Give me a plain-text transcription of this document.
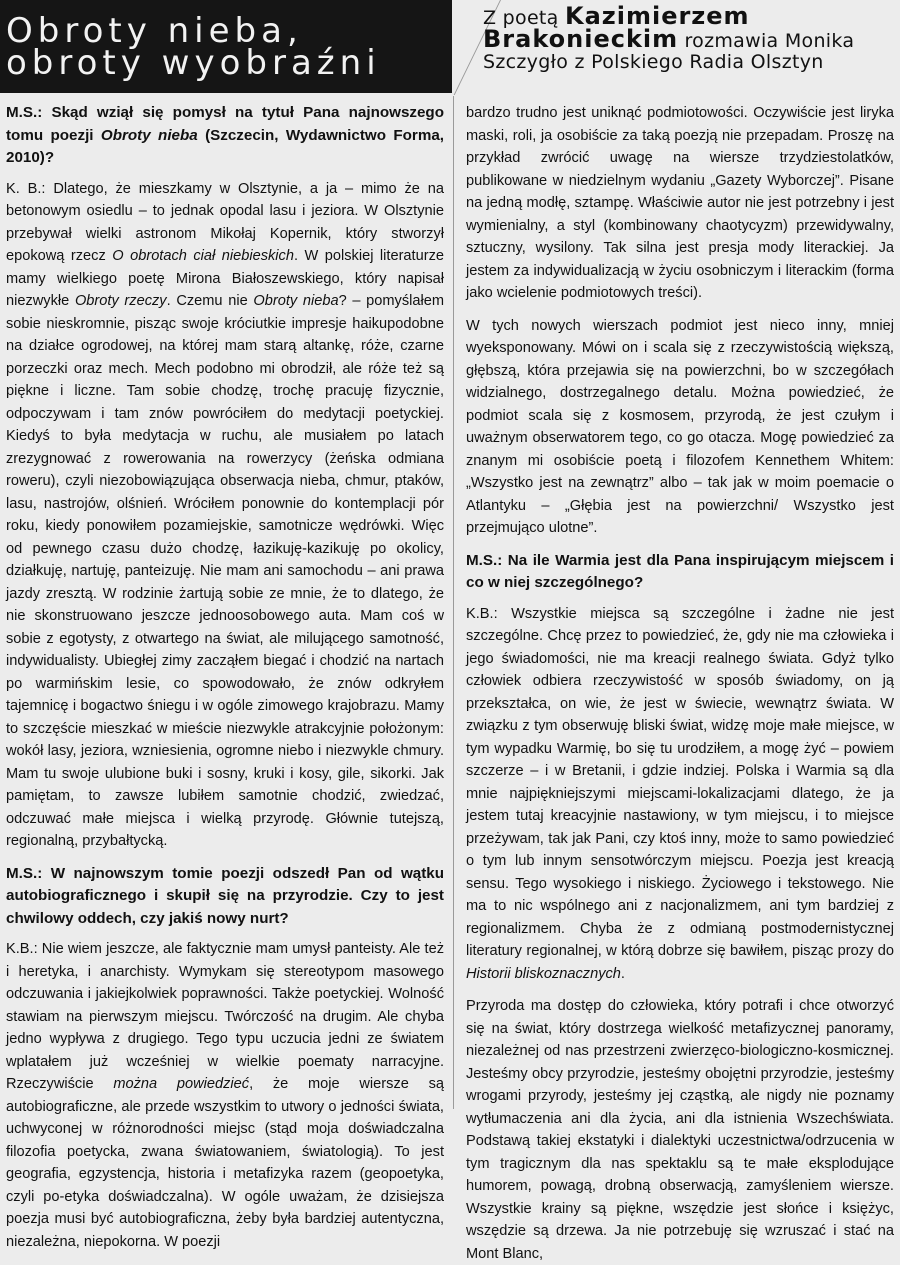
Obroty nieba,
obroty wyobraźni
Z poetą Kazimierzem
Brakonieckim rozmawia Monika
Szczygło z Polskiego Radia Olsztyn
M.S.: Skąd wziął się pomysł na tytuł Pana najnowszego tomu poezji Obroty nieba (Szczecin, Wydawnictwo Forma, 2010)?
K. B.: Dlatego, że mieszkamy w Olsztynie, a ja – mimo że na betonowym osiedlu – to jednak opodal lasu i jeziora. W Olsztynie przebywał wielki astronom Mikołaj Kopernik, który stworzył epokową rzecz O obrotach ciał niebieskich. W polskiej literaturze mamy wielkiego poetę Mirona Białoszewskiego, który napisał niezwykłe Obroty rzeczy. Czemu nie Obroty nieba? – pomyślałem sobie nieskromnie, pisząc swoje króciutkie impresje haikupodobne na działce ogrodowej, na której mam starą altankę, róże, czarne porzeczki oraz mech. Mech podobno mi obrodził, ale róże też są piękne i liczne. Tam sobie chodzę, trochę pracuję fizycznie, odpoczywam i tam znów powróciłem do medytacji poetyckiej. Kiedyś to była medytacja w ruchu, ale musiałem po latach zrezygnować z rowerowania na rowerzycy (żeńska odmiana roweru), czyli niezobowiązująca obserwacja nieba, chmur, ptaków, lasu, nastrojów, olśnień. Wróciłem ponownie do kontemplacji pór roku, kiedy ponowiłem pozamiejskie, samotnicze wędrówki. Więc od pewnego czasu dużo chodzę, łazikuję-kazikuję po okolicy, działkuję, nartuję, panteizuję. Nie mam ani samochodu – ani prawa jazdy zresztą. W rodzinie żartują sobie ze mnie, że to dlatego, że nie skonstruowano jeszcze jednoosobowego auta. Mam coś w sobie z egotysty, z otwartego na świat, ale milującego samotność, indywidualisty. Ubiegłej zimy zacząłem biegać i chodzić na nartach po warmińskim lesie, co spowodowało, że znów odkryłem tajemnicę i bogactwo śniegu i w ogóle zimowego krajobrazu. Mamy to szczęście mieszkać w mieście niezwykle atrakcyjnie położonym: wokół lasy, jeziora, wzniesienia, ogromne niebo i niezwykle chmury. Mam tu swoje ulubione buki i sosny, kruki i kosy, gile, sikorki. Jak pamiętam, to zawsze lubiłem samotnie chodzić, zwiedzać, odczuwać małe miejsca i wielką przyrodę. Głównie tutejszą, regionalną, przybałtycką.
M.S.: W najnowszym tomie poezji odszedł Pan od wątku autobiograficznego i skupił się na przyrodzie. Czy to jest chwilowy oddech, czy jakiś nowy nurt?
K.B.: Nie wiem jeszcze, ale faktycznie mam umysł panteisty. Ale też i heretyka, i anarchisty. Wymykam się stereotypom masowego odczuwania i jakiejkolwiek poprawności. Także poetyckiej. Wolność stawiam na pierwszym miejscu. Twórczość na drugim. Ale chyba jedno wypływa z drugiego. Tego typu uczucia jedni ze światem wplatałem już wcześniej w wielkie poematy narracyjne. Rzeczywiście można powiedzieć, że moje wiersze są autobiograficzne, ale przede wszystkim to utwory o jedności świata, uchwyconej w różnorodności miejsc (stąd moja doświadczalna filozofia poetycka, zwana światowaniem, światologią). To jest geografia, egzystencja, historia i metafizyka razem (geopoetyka, czyli po-etyka doświadczalna). W ogóle uważam, że dzisiejsza poezja musi być autobiograficzna, żeby była bardziej autentyczna, niezależna, niepokorna. W poezji
bardzo trudno jest uniknąć podmiotowości. Oczywiście jest liryka maski, roli, ja osobiście za taką poezją nie przepadam. Proszę na przykład zwrócić uwagę na wiersze trzydziestolatków, publikowane w niedzielnym wydaniu „Gazety Wyborczej”. Pisane na jedną modłę, sztampę. Właściwie autor nie jest potrzebny i jest wymienialny, a styl (kombinowany chaotycyzm) przewidywalny, sztuczny, wysilony. Tak silna jest presja mody literackiej. Ja jestem za indywidualizacją w życiu osobniczym i literackim (forma jako wcielenie podmiotowych treści).
W tych nowych wierszach podmiot jest nieco inny, mniej wyeksponowany. Mówi on i scala się z rzeczywistością większą, głębszą, która przejawia się na powierzchni, bo w szczegółach widzialnego, dostrzegalnego detalu. Można powiedzieć, że podmiot scala się z kosmosem, przyrodą, że jest czułym i uważnym obserwatorem tego, co go otacza. Mogę powiedzieć za znanym mi osobiście poetą i filozofem Kennethem Whitem: „Wszystko jest na zewnątrz” albo – tak jak w moim poemacie o Atlantyku – „Głębia jest na powierzchni/ Wszystko jest przejmująco ulotne”.
M.S.: Na ile Warmia jest dla Pana inspirującym miejscem i co w niej szczególnego?
K.B.: Wszystkie miejsca są szczególne i żadne nie jest szczególne. Chcę przez to powiedzieć, że, gdy nie ma człowieka i jego świadomości, nie ma kreacji realnego świata. Gdyż tylko człowiek odbiera rzeczywistość w sposób świadomy, on ją przekształca, on wie, że jest w świecie, wewnątrz świata. W związku z tym obserwuję bliski świat, widzę moje małe miejsce, w tym wypadku Warmię, bo się tu urodziłem, a mogę żyć – powiem szczerze – i w Bretanii, i gdzie indziej. Polska i Warmia są dla mnie najpiękniejszymi miejscami-lokalizacjami dlatego, że ja jestem tutaj kreacyjnie nastawiony, w tym miejscu, i to miejsce przeżywam, tak jak Pani, czy ktoś inny, może to samo powiedzieć o tym lub innym sensotwórczym miejscu. Poezja jest kreacją sensu. Tego wysokiego i niskiego. Życiowego i tekstowego. Nie ma to nic wspólnego ani z nacjonalizmem, ani tym bardziej z regionalizmem. Chyba że z odmianą postmodernistycznej literatury regionalnej, w którą dobrze się bawiłem, pisząc prozy do Historii bliskoznacznych.
Przyroda ma dostęp do człowieka, który potrafi i chce otworzyć się na świat, który dostrzega wielkość metafizycznej panoramy, niezależnej od nas przestrzeni zwierzęco-biologiczno-kosmicznej. Jesteśmy obcy przyrodzie, jesteśmy obojętni przyrodzie, jesteśmy wrogami przyrody, jesteśmy jej cząstką, ale nigdy nie poznamy wytłumaczenia ani dla życia, ani dla istnienia Wszechświata. Podstawą takiej ekstatyki i dialektyki uczestnictwa/odrzucenia w tym tragicznym dla nas spektaklu są te małe eksplodujące humorem, powagą, drobną obserwacją, zamyśleniem wiersze. Wszystkie krainy są piękne, wszędzie jest słońce i księżyc, wszędzie są drzewa. Ja nie potrzebuję się wzruszać i stać na Mont Blanc,
